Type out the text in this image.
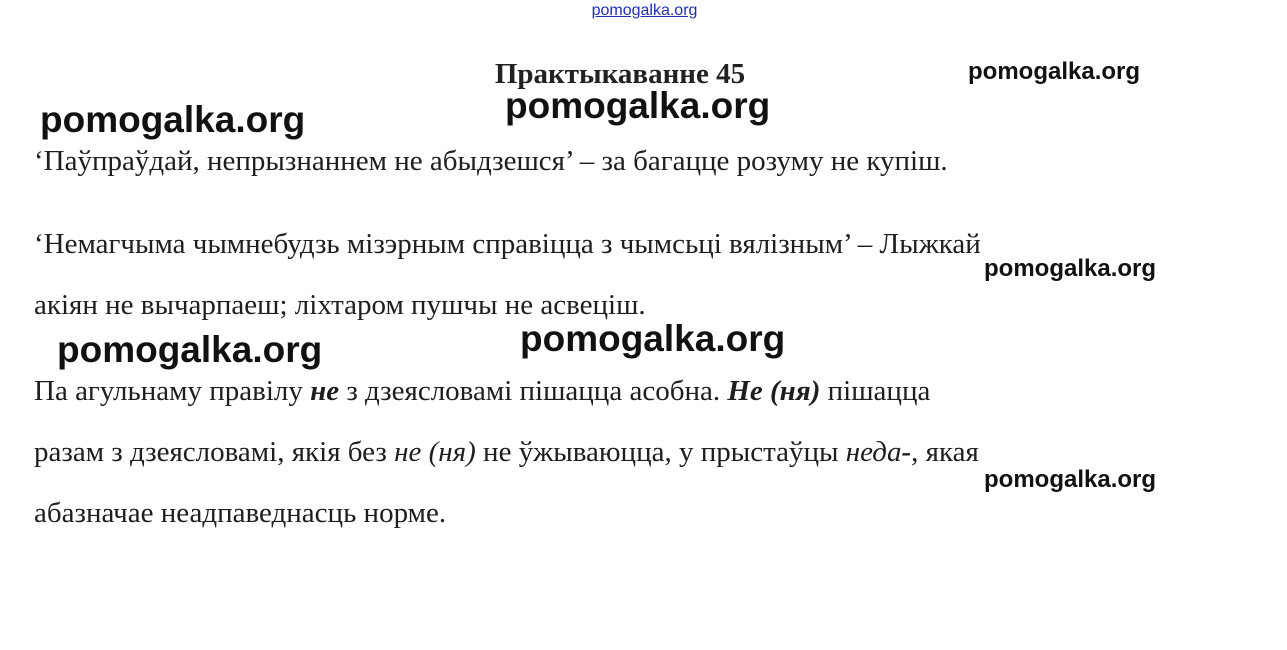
pomogalka.org
Практыкаванне 45

‘Паўпраўдай, непрызнаннем не абыдзешся’ – за багацце розуму не купіш.

‘Немагчыма чымнебудзь мізэрным справіцца з чымсьці вялізным’ – Лыжкай

акіян не вычарпаеш; ліхтаром пушчы не асвеціш.

Па агульнаму правілу не з дзеясловамі пішацца асобна. Не (ня) пішацца

разам з дзеясловамі, якія без не (ня) не ўжываюцца, у прыстаўцы неда-, якая

абазначае неадпаведнасць норме.

pomogalka.org	pomogalka.org
pomogalka.org
pomogalka.org
pomogalka.org	pomogalka.org
pomogalka.org
